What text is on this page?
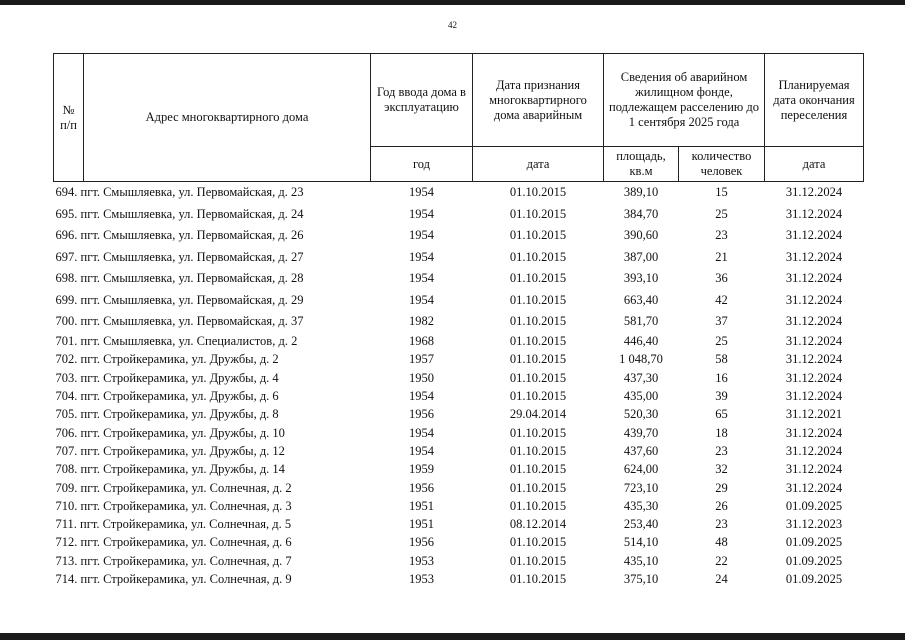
42
№ п/п	Адрес многоквартирного дома	Год ввода дома в эксплуатацию	Дата признания многоквартирного дома аварийным	Сведения об аварийном жилищном фонде, подлежащем расселению до 1 сентября 2025 года		Планируемая дата окончания переселения
		год	дата	площадь, кв.м	количество человек	дата
694. пгт. Смышляевка, ул. Первомайская, д. 23		1954	01.10.2015	389,10	15	31.12.2024
695. пгт. Смышляевка, ул. Первомайская, д. 24		1954	01.10.2015	384,70	25	31.12.2024
696. пгт. Смышляевка, ул. Первомайская, д. 26		1954	01.10.2015	390,60	23	31.12.2024
697. пгт. Смышляевка, ул. Первомайская, д. 27		1954	01.10.2015	387,00	21	31.12.2024
698. пгт. Смышляевка, ул. Первомайская, д. 28		1954	01.10.2015	393,10	36	31.12.2024
699. пгт. Смышляевка, ул. Первомайская, д. 29		1954	01.10.2015	663,40	42	31.12.2024
700. пгт. Смышляевка, ул. Первомайская, д. 37		1982	01.10.2015	581,70	37	31.12.2024
701. пгт. Смышляевка, ул. Специалистов, д. 2		1968	01.10.2015	446,40	25	31.12.2024
702. пгт. Стройкерамика, ул. Дружбы, д. 2		1957	01.10.2015	1 048,70	58	31.12.2024
703. пгт. Стройкерамика, ул. Дружбы, д. 4		1950	01.10.2015	437,30	16	31.12.2024
704. пгт. Стройкерамика, ул. Дружбы, д. 6		1954	01.10.2015	435,00	39	31.12.2024
705. пгт. Стройкерамика, ул. Дружбы, д. 8		1956	29.04.2014	520,30	65	31.12.2021
706. пгт. Стройкерамика, ул. Дружбы, д. 10		1954	01.10.2015	439,70	18	31.12.2024
707. пгт. Стройкерамика, ул. Дружбы, д. 12		1954	01.10.2015	437,60	23	31.12.2024
708. пгт. Стройкерамика, ул. Дружбы, д. 14		1959	01.10.2015	624,00	32	31.12.2024
709. пгт. Стройкерамика, ул. Солнечная, д. 2		1956	01.10.2015	723,10	29	31.12.2024
710. пгт. Стройкерамика, ул. Солнечная, д. 3		1951	01.10.2015	435,30	26	01.09.2025
711. пгт. Стройкерамика, ул. Солнечная, д. 5		1951	08.12.2014	253,40	23	31.12.2023
712. пгт. Стройкерамика, ул. Солнечная, д. 6		1956	01.10.2015	514,10	48	01.09.2025
713. пгт. Стройкерамика, ул. Солнечная, д. 7		1953	01.10.2015	435,10	22	01.09.2025
714. пгт. Стройкерамика, ул. Солнечная, д. 9		1953	01.10.2015	375,10	24	01.09.2025
